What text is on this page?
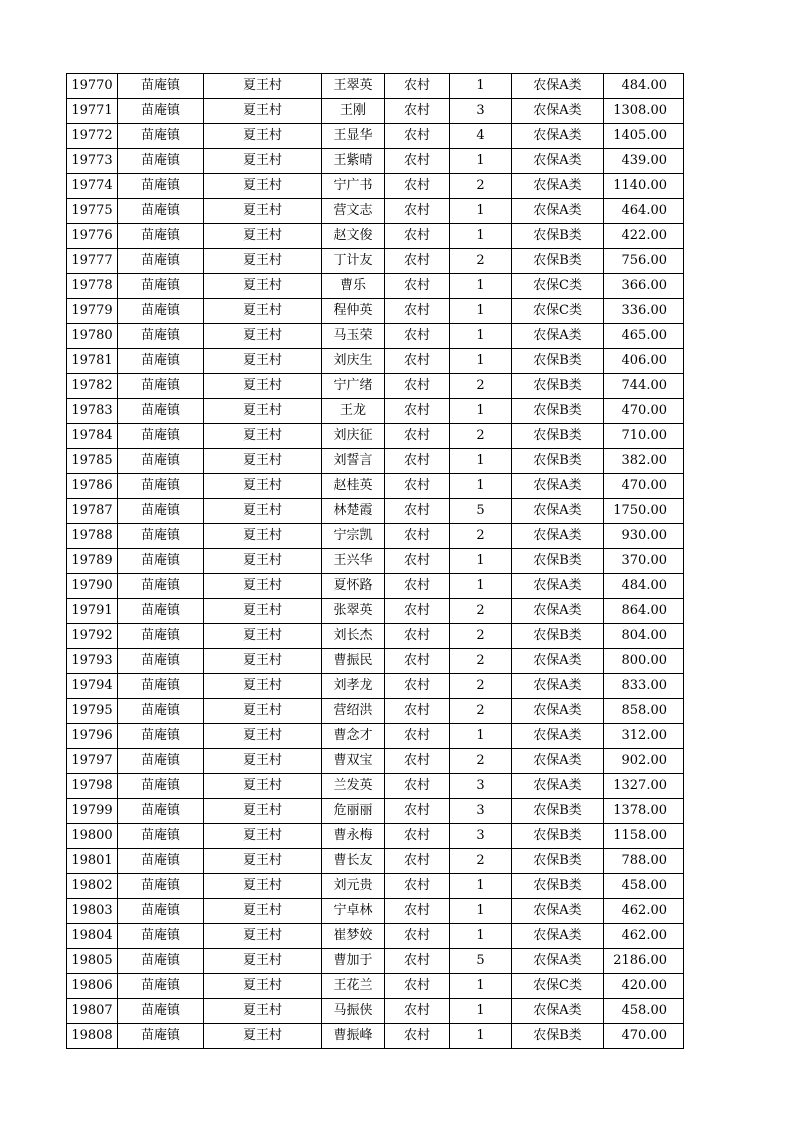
19770	苗庵镇	夏王村	王翠英	农村	1	农保A类	484.00
19771	苗庵镇	夏王村	王刚	农村	3	农保A类	1308.00
19772	苗庵镇	夏王村	王显华	农村	4	农保A类	1405.00
19773	苗庵镇	夏王村	王紫晴	农村	1	农保A类	439.00
19774	苗庵镇	夏王村	宁广书	农村	2	农保A类	1140.00
19775	苗庵镇	夏王村	营文志	农村	1	农保A类	464.00
19776	苗庵镇	夏王村	赵文俊	农村	1	农保B类	422.00
19777	苗庵镇	夏王村	丁计友	农村	2	农保B类	756.00
19778	苗庵镇	夏王村	曹乐	农村	1	农保C类	366.00
19779	苗庵镇	夏王村	程仲英	农村	1	农保C类	336.00
19780	苗庵镇	夏王村	马玉荣	农村	1	农保A类	465.00
19781	苗庵镇	夏王村	刘庆生	农村	1	农保B类	406.00
19782	苗庵镇	夏王村	宁广绪	农村	2	农保B类	744.00
19783	苗庵镇	夏王村	王龙	农村	1	农保B类	470.00
19784	苗庵镇	夏王村	刘庆征	农村	2	农保B类	710.00
19785	苗庵镇	夏王村	刘誓言	农村	1	农保B类	382.00
19786	苗庵镇	夏王村	赵桂英	农村	1	农保A类	470.00
19787	苗庵镇	夏王村	林楚霞	农村	5	农保A类	1750.00
19788	苗庵镇	夏王村	宁宗凯	农村	2	农保A类	930.00
19789	苗庵镇	夏王村	王兴华	农村	1	农保B类	370.00
19790	苗庵镇	夏王村	夏怀路	农村	1	农保A类	484.00
19791	苗庵镇	夏王村	张翠英	农村	2	农保A类	864.00
19792	苗庵镇	夏王村	刘长杰	农村	2	农保B类	804.00
19793	苗庵镇	夏王村	曹振民	农村	2	农保A类	800.00
19794	苗庵镇	夏王村	刘孝龙	农村	2	农保A类	833.00
19795	苗庵镇	夏王村	营绍洪	农村	2	农保A类	858.00
19796	苗庵镇	夏王村	曹念才	农村	1	农保A类	312.00
19797	苗庵镇	夏王村	曹双宝	农村	2	农保A类	902.00
19798	苗庵镇	夏王村	兰发英	农村	3	农保A类	1327.00
19799	苗庵镇	夏王村	危丽丽	农村	3	农保B类	1378.00
19800	苗庵镇	夏王村	曹永梅	农村	3	农保B类	1158.00
19801	苗庵镇	夏王村	曹长友	农村	2	农保B类	788.00
19802	苗庵镇	夏王村	刘元贵	农村	1	农保B类	458.00
19803	苗庵镇	夏王村	宁卓林	农村	1	农保A类	462.00
19804	苗庵镇	夏王村	崔梦姣	农村	1	农保A类	462.00
19805	苗庵镇	夏王村	曹加于	农村	5	农保A类	2186.00
19806	苗庵镇	夏王村	王花兰	农村	1	农保C类	420.00
19807	苗庵镇	夏王村	马振侠	农村	1	农保A类	458.00
19808	苗庵镇	夏王村	曹振峰	农村	1	农保B类	470.00
